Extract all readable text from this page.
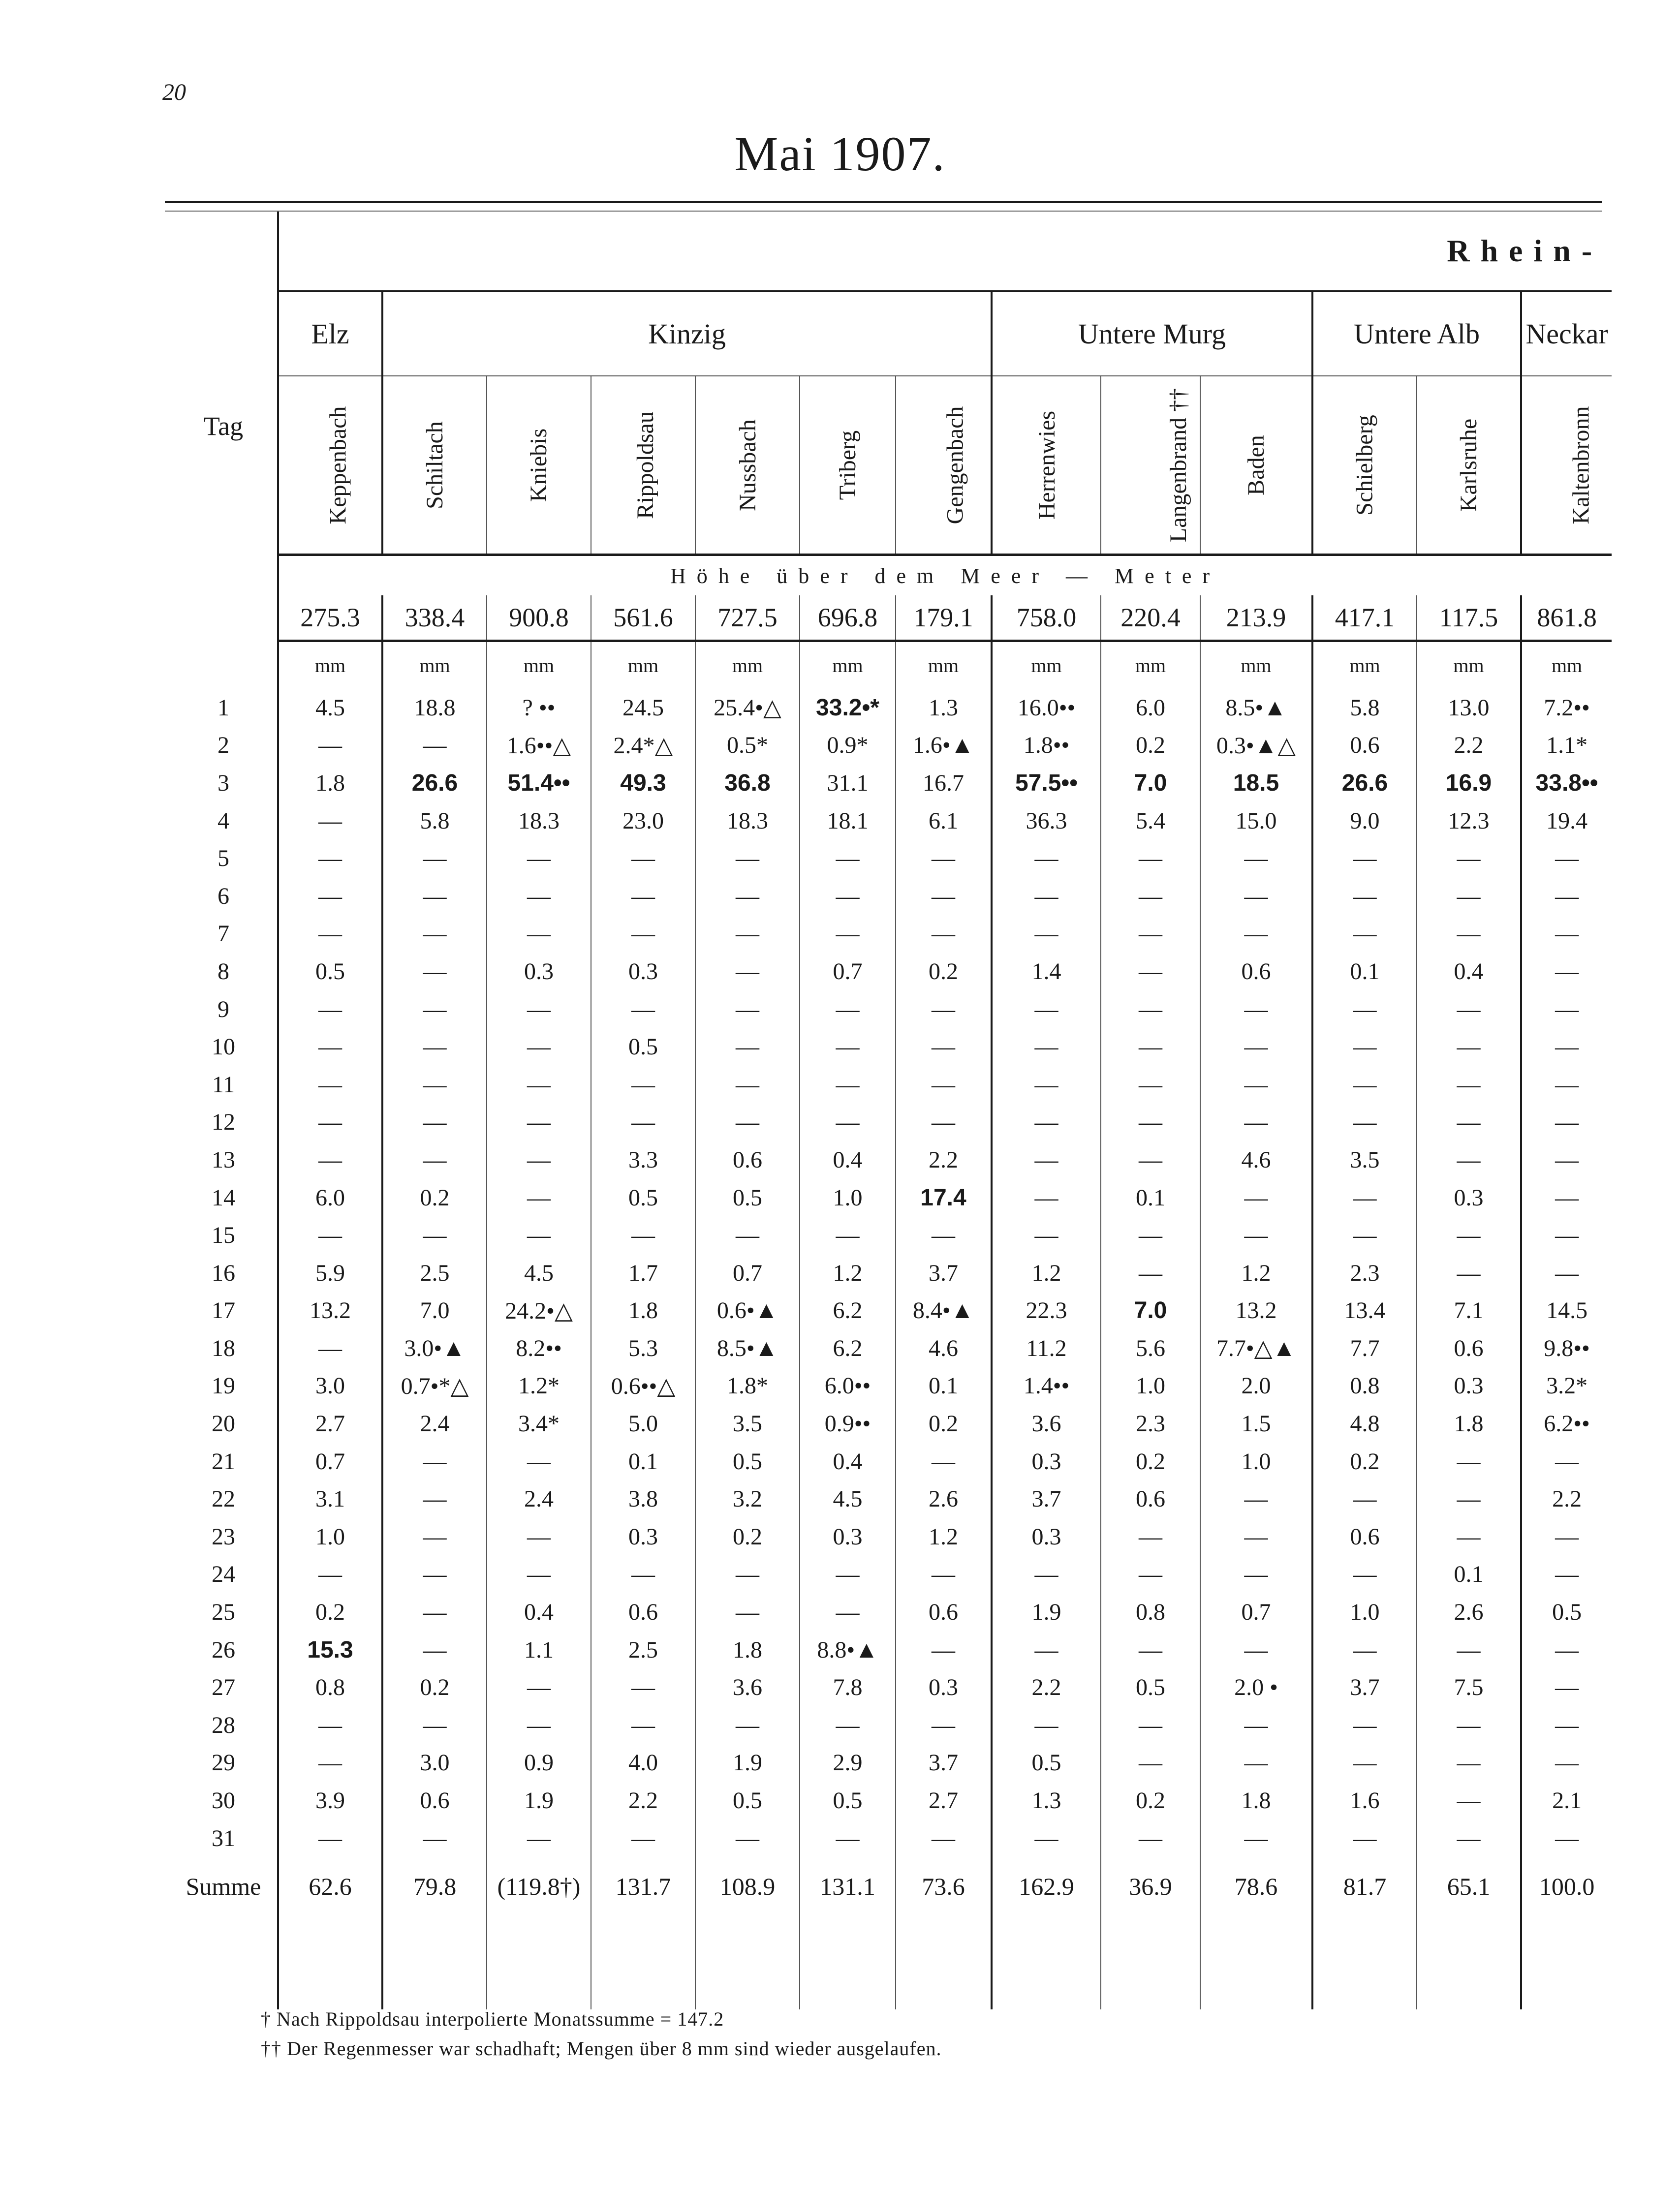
20
Mai 1907.
Tag	Rhein-												
	Elz	Kinzig						Untere Murg			Untere Alb		Neckar
	Keppenbach	Schiltach	Kniebis	Rippoldsau	Nussbach	Triberg	Gengenbach	Herrenwies	Langenbrand ††	Baden	Schielberg	Karlsruhe	Kaltenbronn
	Höhe über dem Meer — Meter												
	275.3	338.4	900.8	561.6	727.5	696.8	179.1	758.0	220.4	213.9	417.1	117.5	861.8
	mm	mm	mm	mm	mm	mm	mm	mm	mm	mm	mm	mm	mm
1	4.5	18.8	? ••	24.5	25.4•△	33.2•*	1.3	16.0••	6.0	8.5•▲	5.8	13.0	7.2••
2	—	—	1.6••△	2.4*△	0.5*	0.9*	1.6•▲	1.8••	0.2	0.3•▲△	0.6	2.2	1.1*
3	1.8	26.6	51.4••	49.3	36.8	31.1	16.7	57.5••	7.0	18.5	26.6	16.9	33.8••
4	—	5.8	18.3	23.0	18.3	18.1	6.1	36.3	5.4	15.0	9.0	12.3	19.4
5	—	—	—	—	—	—	—	—	—	—	—	—	—
6	—	—	—	—	—	—	—	—	—	—	—	—	—
7	—	—	—	—	—	—	—	—	—	—	—	—	—
8	0.5	—	0.3	0.3	—	0.7	0.2	1.4	—	0.6	0.1	0.4	—
9	—	—	—	—	—	—	—	—	—	—	—	—	—
10	—	—	—	0.5	—	—	—	—	—	—	—	—	—
11	—	—	—	—	—	—	—	—	—	—	—	—	—
12	—	—	—	—	—	—	—	—	—	—	—	—	—
13	—	—	—	3.3	0.6	0.4	2.2	—	—	4.6	3.5	—	—
14	6.0	0.2	—	0.5	0.5	1.0	17.4	—	0.1	—	—	0.3	—
15	—	—	—	—	—	—	—	—	—	—	—	—	—
16	5.9	2.5	4.5	1.7	0.7	1.2	3.7	1.2	—	1.2	2.3	—	—
17	13.2	7.0	24.2•△	1.8	0.6•▲	6.2	8.4•▲	22.3	7.0	13.2	13.4	7.1	14.5
18	—	3.0•▲	8.2••	5.3	8.5•▲	6.2	4.6	11.2	5.6	7.7•△▲	7.7	0.6	9.8••
19	3.0	0.7•*△	1.2*	0.6••△	1.8*	6.0••	0.1	1.4••	1.0	2.0	0.8	0.3	3.2*
20	2.7	2.4	3.4*	5.0	3.5	0.9••	0.2	3.6	2.3	1.5	4.8	1.8	6.2••
21	0.7	—	—	0.1	0.5	0.4	—	0.3	0.2	1.0	0.2	—	—
22	3.1	—	2.4	3.8	3.2	4.5	2.6	3.7	0.6	—	—	—	2.2
23	1.0	—	—	0.3	0.2	0.3	1.2	0.3	—	—	0.6	—	—
24	—	—	—	—	—	—	—	—	—	—	—	0.1	—
25	0.2	—	0.4	0.6	—	—	0.6	1.9	0.8	0.7	1.0	2.6	0.5
26	15.3	—	1.1	2.5	1.8	8.8•▲	—	—	—	—	—	—	—
27	0.8	0.2	—	—	3.6	7.8	0.3	2.2	0.5	2.0 •	3.7	7.5	—
28	—	—	—	—	—	—	—	—	—	—	—	—	—
29	—	3.0	0.9	4.0	1.9	2.9	3.7	0.5	—	—	—	—	—
30	3.9	0.6	1.9	2.2	0.5	0.5	2.7	1.3	0.2	1.8	1.6	—	2.1
31	—	—	—	—	—	—	—	—	—	—	—	—	—
Summe	62.6	79.8	(119.8†)	131.7	108.9	131.1	73.6	162.9	36.9	78.6	81.7	65.1	100.0

† Nach Rippoldsau interpolierte Monatssumme = 147.2
†† Der Regenmesser war schadhaft; Mengen über 8 mm sind wieder ausgelaufen.
